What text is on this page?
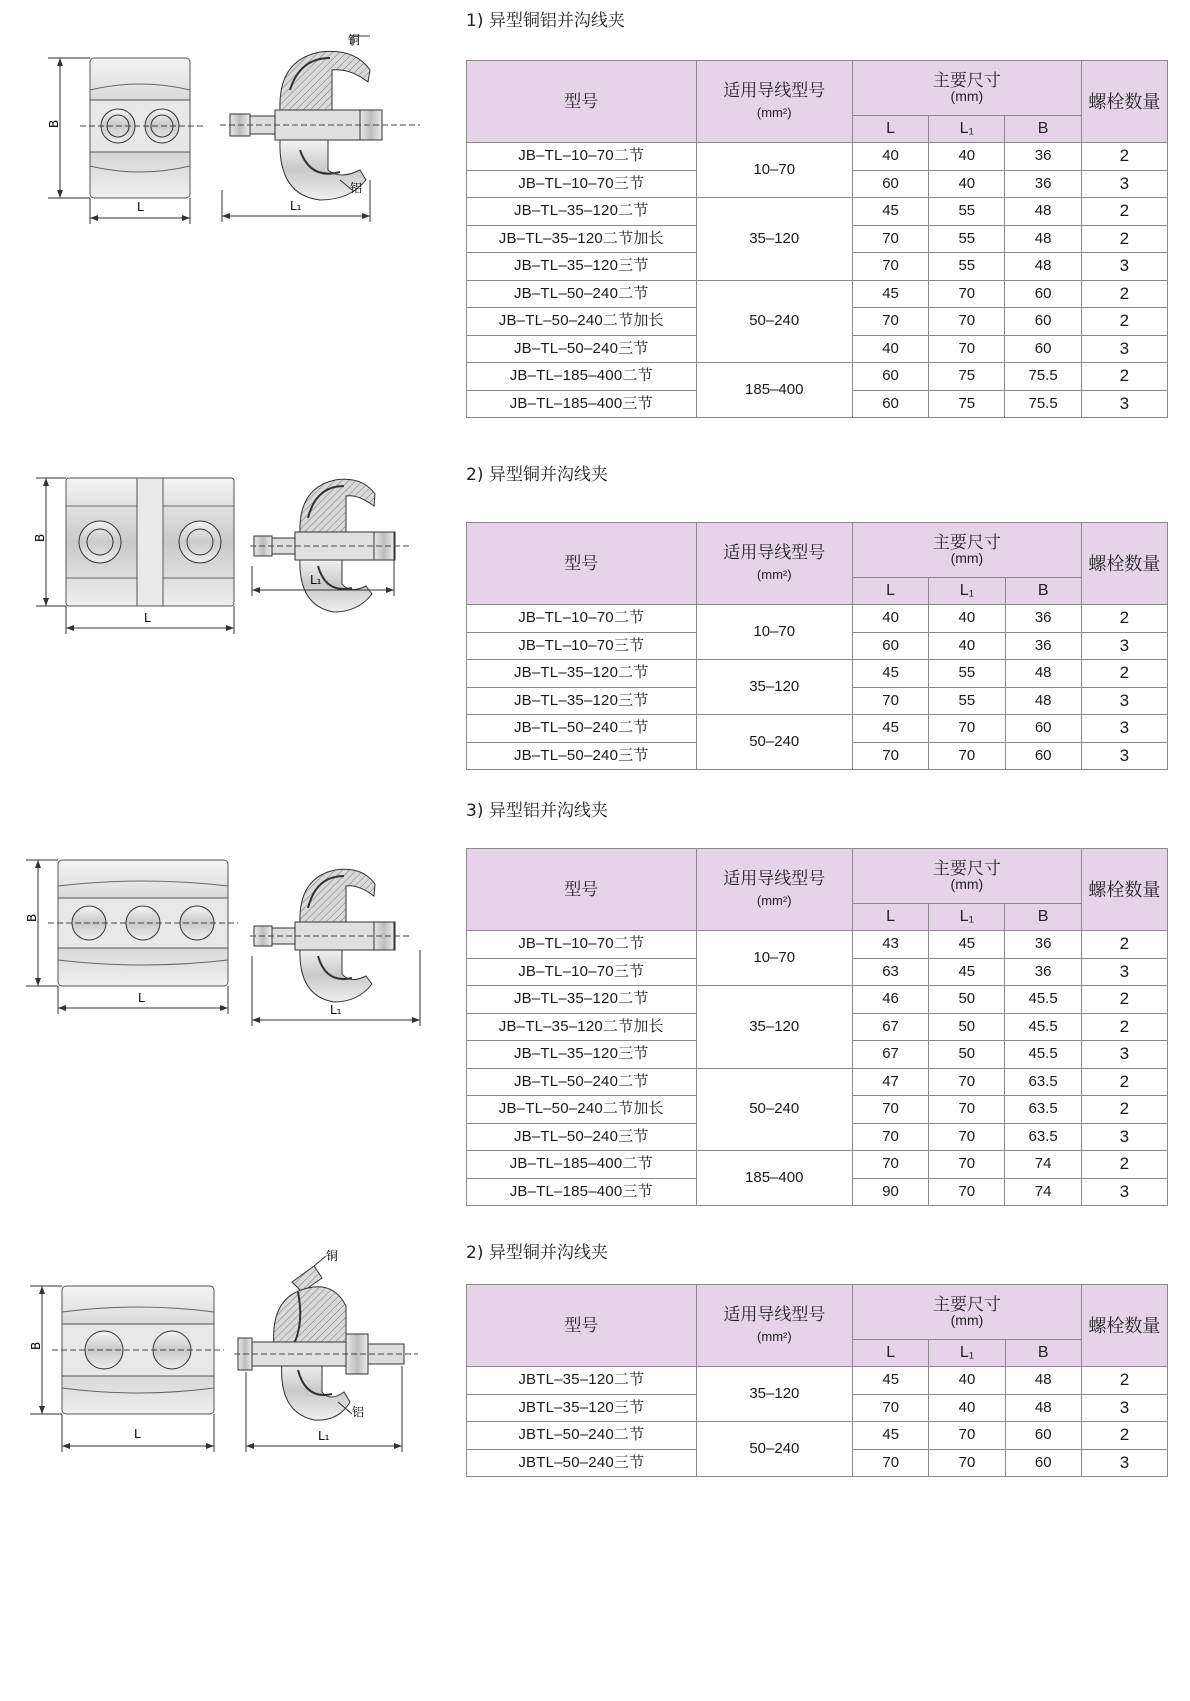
1) 异型铜铝并沟线夹
B
L
铜
铝
L₁
型号	适用导线型号
(mm²)	主要尺寸
(mm)			螺栓数量
		L	L₁	B	
JB–TL–10–70二节	10–70	40	40	36	2
JB–TL–10–70三节		60	40	36	3
JB–TL–35–120二节	35–120	45	55	48	2
JB–TL–35–120二节加长		70	55	48	2
JB–TL–35–120三节		70	55	48	3
JB–TL–50–240二节	50–240	45	70	60	2
JB–TL–50–240二节加长		70	70	60	2
JB–TL–50–240三节		40	70	60	3
JB–TL–185–400二节	185–400	60	75	75.5	2
JB–TL–185–400三节		60	75	75.5	3
2) 异型铜并沟线夹
B
L
L₁
型号	适用导线型号
(mm²)	主要尺寸
(mm)			螺栓数量
		L	L₁	B	
JB–TL–10–70二节	10–70	40	40	36	2
JB–TL–10–70三节		60	40	36	3
JB–TL–35–120二节	35–120	45	55	48	2
JB–TL–35–120三节		70	55	48	3
JB–TL–50–240二节	50–240	45	70	60	3
JB–TL–50–240三节		70	70	60	3
3) 异型铝并沟线夹
B
L
L₁
型号	适用导线型号
(mm²)	主要尺寸
(mm)			螺栓数量
		L	L₁	B	
JB–TL–10–70二节	10–70	43	45	36	2
JB–TL–10–70三节		63	45	36	3
JB–TL–35–120二节	35–120	46	50	45.5	2
JB–TL–35–120二节加长		67	50	45.5	2
JB–TL–35–120三节		67	50	45.5	3
JB–TL–50–240二节	50–240	47	70	63.5	2
JB–TL–50–240二节加长		70	70	63.5	2
JB–TL–50–240三节		70	70	63.5	3
JB–TL–185–400二节	185–400	70	70	74	2
JB–TL–185–400三节		90	70	74	3
2) 异型铜并沟线夹
B
L
铜
铝
L₁
型号	适用导线型号
(mm²)	主要尺寸
(mm)			螺栓数量
		L	L₁	B	
JBTL–35–120二节	35–120	45	40	48	2
JBTL–35–120三节		70	40	48	3
JBTL–50–240二节	50–240	45	70	60	2
JBTL–50–240三节		70	70	60	3
